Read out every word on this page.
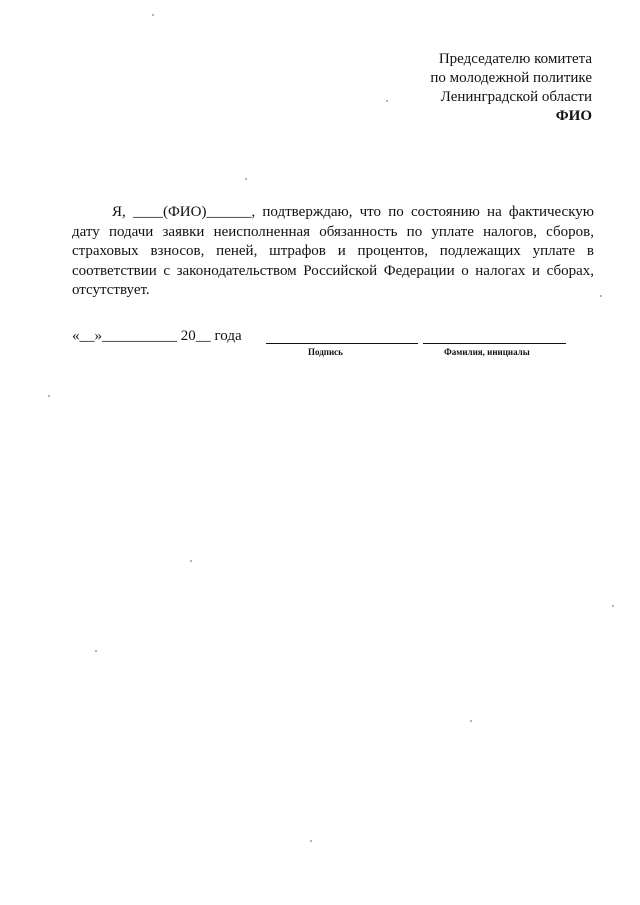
Председателю комитета
по молодежной политике
Ленинградской области
ФИО

Я, ____(ФИО)______, подтверждаю, что по состоянию на фактическую дату подачи заявки неисполненная обязанность по уплате налогов, сборов, страховых взносов, пеней, штрафов и процентов, подлежащих уплате в соответствии с законодательством Российской Федерации о налогах и сборах, отсутствует.

«__»__________ 20__ года
Подпись	Фамилия, инициалы
